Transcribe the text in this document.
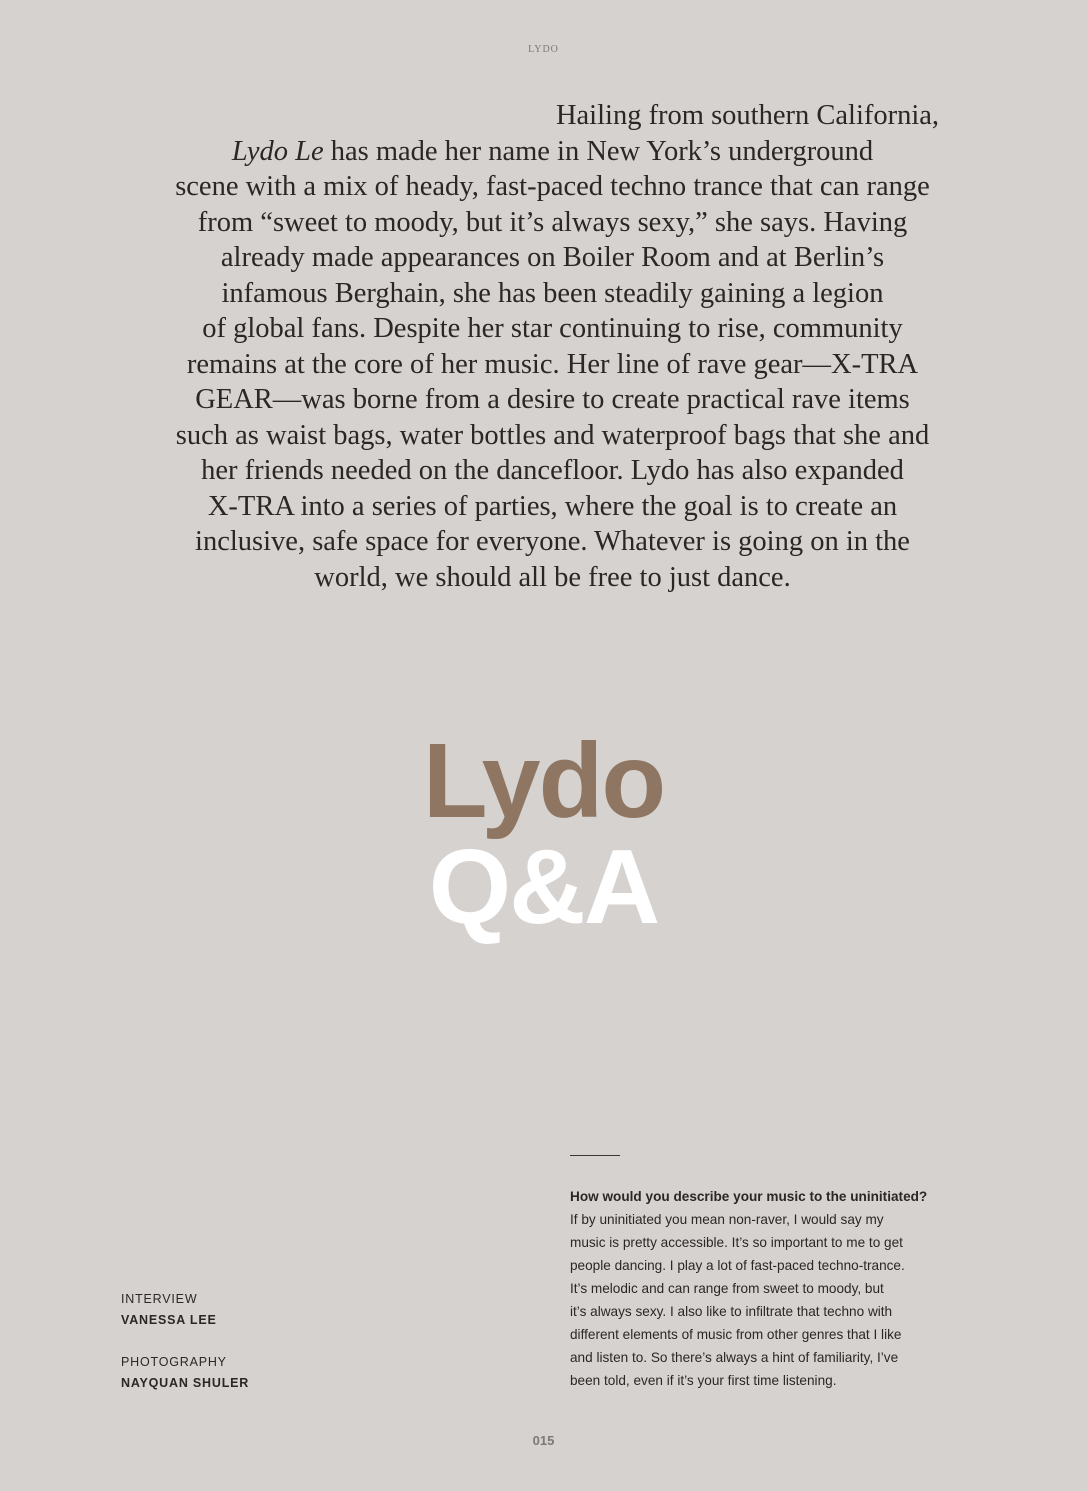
LYDO
Hailing from southern California,
Lydo Le has made her name in New York’s underground
scene with a mix of heady, fast-paced techno trance that can range
from “sweet to moody, but it’s always sexy,” she says. Having
already made appearances on Boiler Room and at Berlin’s
infamous Berghain, she has been steadily gaining a legion
of global fans. Despite her star continuing to rise, community
remains at the core of her music. Her line of rave gear—X-TRA
GEAR—was borne from a desire to create practical rave items
such as waist bags, water bottles and waterproof bags that she and
her friends needed on the dancefloor. Lydo has also expanded
X-TRA into a series of parties, where the goal is to create an
inclusive, safe space for everyone. Whatever is going on in the
world, we should all be free to just dance.
Lydo
Q&A
How would you describe your music to the uninitiated?
If by uninitiated you mean non-raver, I would say my
music is pretty accessible. It’s so important to me to get
people dancing. I play a lot of fast-paced techno-trance.
It’s melodic and can range from sweet to moody, but
it’s always sexy. I also like to infiltrate that techno with
different elements of music from other genres that I like
and listen to. So there’s always a hint of familiarity, I’ve
been told, even if it’s your first time listening.
INTERVIEW
VANESSA LEE
PHOTOGRAPHY
NAYQUAN SHULER
015
